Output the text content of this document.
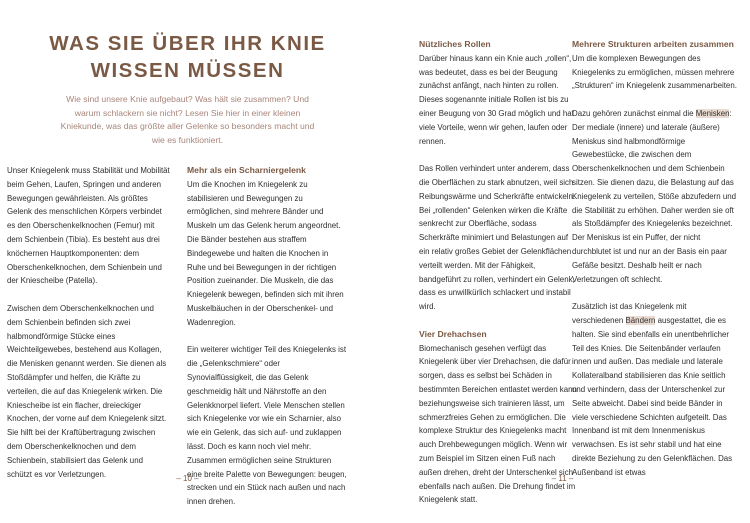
WAS SIE ÜBER IHR KNIE WISSEN MÜSSEN

Wie sind unsere Knie aufgebaut? Was hält sie zusammen? Und warum schlackern sie nicht? Lesen Sie hier in einer kleinen Kniekunde, was das größte aller Gelenke so besonders macht und wie es funktioniert.

Unser Kniegelenk muss Stabilität und Mobilität beim Gehen, Laufen, Springen und anderen Bewegungen gewährleisten. Als größtes Gelenk des menschlichen Körpers verbindet es den Oberschenkelknochen (Femur) mit dem Schienbein (Tibia). Es besteht aus drei knöchernen Hauptkomponenten: dem Oberschenkelknochen, dem Schienbein und der Kniescheibe (Patella).

Zwischen dem Oberschenkelknochen und dem Schienbein befinden sich zwei halbmondförmige Stücke eines Weichteilgewebes, bestehend aus Kollagen, die Menisken genannt werden. Sie dienen als Stoßdämpfer und helfen, die Kräfte zu verteilen, die auf das Kniegelenk wirken. Die Kniescheibe ist ein flacher, dreieckiger Knochen, der vorne auf dem Kniegelenk sitzt. Sie hilft bei der Kraftübertragung zwischen dem Oberschenkelknochen und dem Schienbein, stabilisiert das Gelenk und schützt es vor Verletzungen.

Mehr als ein Scharniergelenk

Um die Knochen im Kniegelenk zu stabilisieren und Bewegungen zu ermöglichen, sind mehrere Bänder und Muskeln um das Gelenk herum angeordnet. Die Bänder bestehen aus straffem Bindegewebe und halten die Knochen in Ruhe und bei Bewegungen in der richtigen Position zueinander. Die Muskeln, die das Kniegelenk bewegen, befinden sich mit ihren Muskelbäuchen in der Oberschenkel- und Wadenregion.

Ein weiterer wichtiger Teil des Kniegelenks ist die „Gelenkschmiere“ oder Synovialflüssigkeit, die das Gelenk geschmeidig hält und Nährstoffe an den Gelenkknorpel liefert. Viele Menschen stellen sich Kniegelenke vor wie ein Scharnier, also wie ein Gelenk, das sich auf- und zuklappen lässt. Doch es kann noch viel mehr. Zusammen ermöglichen seine Strukturen eine breite Palette von Bewegungen: beugen, strecken und ein Stück nach außen und nach innen drehen.

– 10 –
Nützliches Rollen

Darüber hinaus kann ein Knie auch „rollen“, was bedeutet, dass es bei der Beugung zunächst anfängt, nach hinten zu rollen. Dieses sogenannte initiale Rollen ist bis zu einer Beugung von 30 Grad möglich und hat viele Vorteile, wenn wir gehen, laufen oder rennen.

Das Rollen verhindert unter anderem, dass die Oberflächen zu stark abnutzen, weil sich Reibungswärme und Scherkräfte entwickeln. Bei „rollenden“ Gelenken wirken die Kräfte senkrecht zur Oberfläche, sodass Scherkräfte minimiert und Belastungen auf ein relativ großes Gebiet der Gelenkflächen verteilt werden. Mit der Fähigkeit, bandgeführt zu rollen, verhindert ein Gelenk, dass es unwillkürlich schlackert und instabil wird.

Vier Drehachsen

Biomechanisch gesehen verfügt das Kniegelenk über vier Drehachsen, die dafür sorgen, dass es selbst bei Schäden in bestimmten Bereichen entlastet werden kann beziehungsweise sich trainieren lässt, um schmerzfreies Gehen zu ermöglichen. Die komplexe Struktur des Kniegelenks macht auch Drehbewegungen möglich. Wenn wir zum Beispiel im Sitzen einen Fuß nach außen drehen, dreht der Unterschenkel sich ebenfalls nach außen. Die Drehung findet im Kniegelenk statt.

Mehrere Strukturen arbeiten zusammen

Um die komplexen Bewegungen des Kniegelenks zu ermöglichen, müssen mehrere „Strukturen“ im Kniegelenk zusammenarbeiten.

Dazu gehören zunächst einmal die Menisken: Der mediale (innere) und laterale (äußere) Meniskus sind halbmondförmige Gewebestücke, die zwischen dem Oberschenkelknochen und dem Schienbein sitzen. Sie dienen dazu, die Belastung auf das Kniegelenk zu verteilen, Stöße abzufedern und die Stabilität zu erhöhen. Daher werden sie oft als Stoßdämpfer des Kniegelenks bezeichnet. Der Meniskus ist ein Puffer, der nicht durchblutet ist und nur an der Basis ein paar Gefäße besitzt. Deshalb heilt er nach Verletzungen oft schlecht.

Zusätzlich ist das Kniegelenk mit verschiedenen Bändern ausgestattet, die es halten. Sie sind ebenfalls ein unentbehrlicher Teil des Knies. Die Seitenbänder verlaufen innen und außen. Das mediale und laterale Kollateralband stabilisieren das Knie seitlich und verhindern, dass der Unterschenkel zur Seite abweicht. Dabei sind beide Bänder in viele verschiedene Schichten aufgeteilt. Das Innenband ist mit dem Innenmeniskus verwachsen. Es ist sehr stabil und hat eine direkte Beziehung zu den Gelenkflächen. Das Außenband ist etwas

– 11 –
